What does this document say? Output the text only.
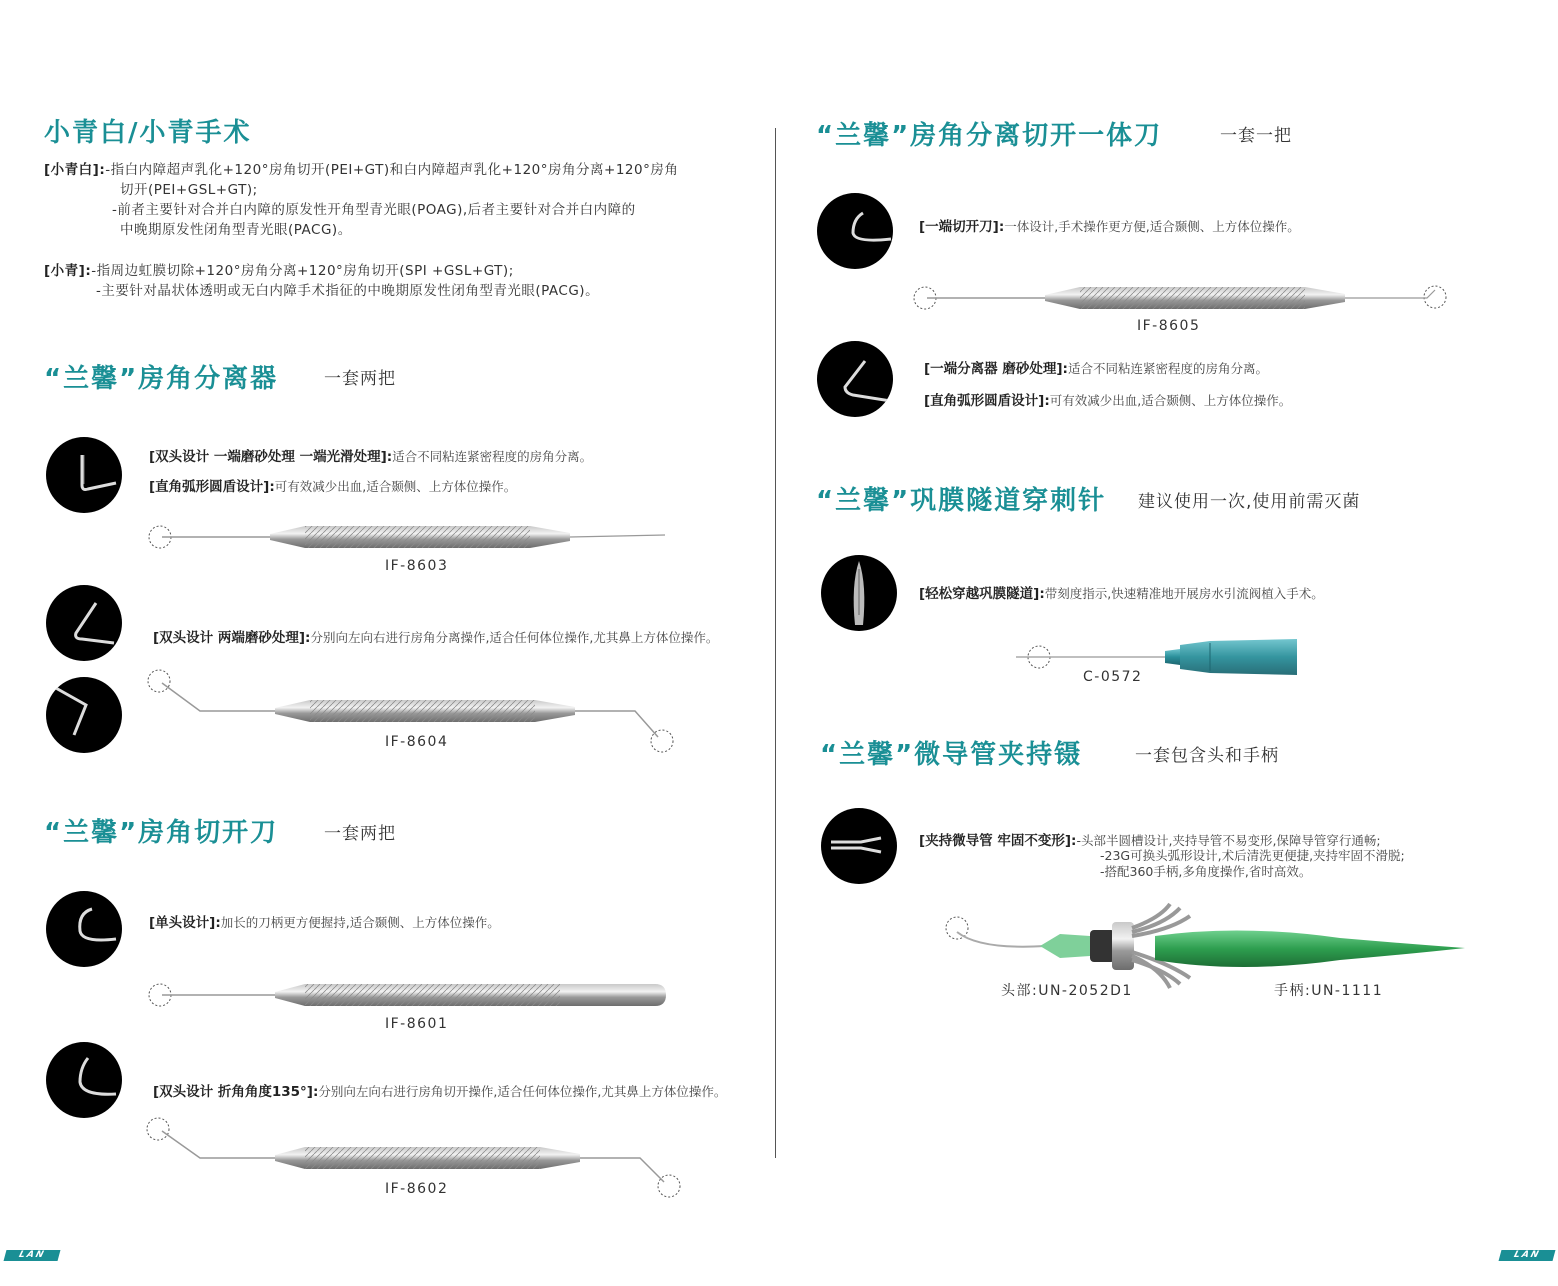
小青白/小青手术
[小青白]:-指白内障超声乳化+120°房角切开(PEI+GT)和白内障超声乳化+120°房角分离+120°房角
切开(PEI+GSL+GT);
-前者主要针对合并白内障的原发性开角型青光眼(POAG),后者主要针对合并白内障的
中晚期原发性闭角型青光眼(PACG)。
[小青]:-指周边虹膜切除+120°房角分离+120°房角切开(SPI +GSL+GT);
-主要针对晶状体透明或无白内障手术指征的中晚期原发性闭角型青光眼(PACG)。
“兰馨”房角分离器	一套两把
[双头设计 一端磨砂处理 一端光滑处理]:适合不同粘连紧密程度的房角分离。
[直角弧形圆盾设计]:可有效减少出血,适合颞侧、上方体位操作。
IF-8603
[双头设计 两端磨砂处理]:分别向左向右进行房角分离操作,适合任何体位操作,尤其鼻上方体位操作。
IF-8604
“兰馨”房角切开刀	一套两把
[单头设计]:加长的刀柄更方便握持,适合颞侧、上方体位操作。
IF-8601
[双头设计 折角角度135°]:分别向左向右进行房角切开操作,适合任何体位操作,尤其鼻上方体位操作。
IF-8602
“兰馨”房角分离切开一体刀	一套一把
[一端切开刀]:一体设计,手术操作更方便,适合颞侧、上方体位操作。
IF-8605
[一端分离器 磨砂处理]:适合不同粘连紧密程度的房角分离。
[直角弧形圆盾设计]:可有效减少出血,适合颞侧、上方体位操作。
“兰馨”巩膜隧道穿刺针 建议使用一次,使用前需灭菌
[轻松穿越巩膜隧道]:带刻度指示,快速精准地开展房水引流阀植入手术。
C-0572
“兰馨”微导管夹持镊	一套包含头和手柄
[夹持微导管 牢固不变形]:-头部半圆槽设计,夹持导管不易变形,保障导管穿行通畅;
-23G可换头弧形设计,术后清洗更便捷,夹持牢固不滑脱;
-搭配360手柄,多角度操作,省时高效。
头部:UN-2052D1	手柄:UN-1111
LAN	LAN
